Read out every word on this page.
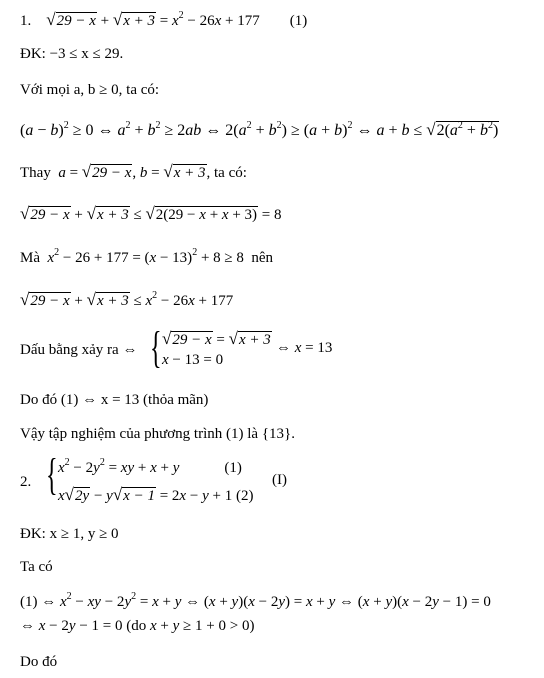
1.    $√29 - x + √x + 3 = x^2 - 26x + 177$        (1)
ĐK: −3 ≤ x ≤ 29.
Với mọi a, b ≥ 0, ta có:
$(a - b)^2 \ge 0$ ⇔ $a^2 + b^2 \ge 2ab$ ⇔ $2(a^2 + b^2) \ge (a + b)^2$ ⇔ $a + b \le √2(a^2 + b^2)$
Thay a = √29 − x, b = √x + 3, ta có:
√29 − x + √x + 3 ≤ √2(29 − x + x + 3) = 8
Mà $x^2 - 26 + 177 = (x - 13)^2 + 8 \ge 8$  nên
$√29 - x + √x + 3 \le x^2 - 26x + 177$
Dấu bằng xảy ra ⇔ { √29 − x = √x + 3
x − 13 = 0
⇔ x = 13
Do đó (1) ⇔ x = 13 (thỏa mãn)
Vậy tập nghiệm của phương trình (1) là {13}.
2. { $x^2 - 2y^2$ = xy + x + y            (1)
x√2y − y√x − 1 = 2x − y + 1 (2)
(I)
ĐK: x ≥ 1, y ≥ 0
Ta có
(1) ⇔ $x^2$ − xy − $2y^2 = x + y$ ⇔ (x + y)(x − 2y) = x + y ⇔ (x + y)(x − 2y − 1) = 0
⇔ x − 2y − 1 = 0 (do x + y ≥ 1 + 0 > 0)
Do đó
